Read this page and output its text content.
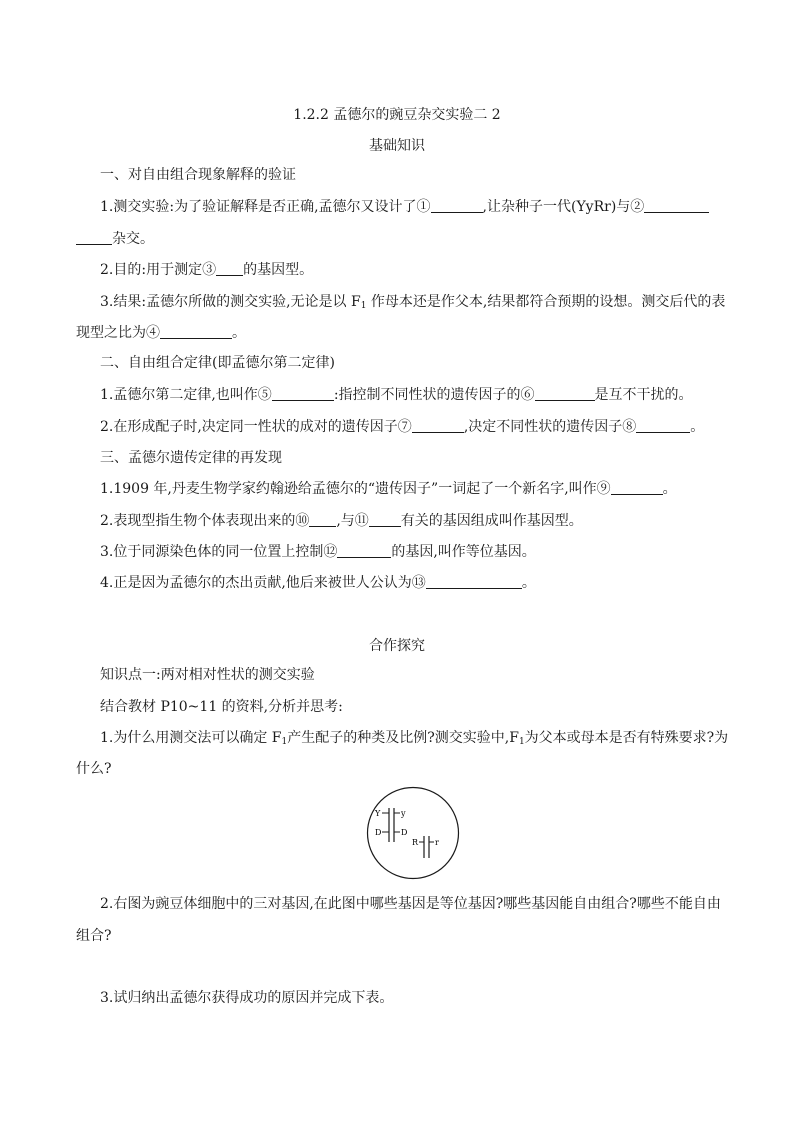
1.2.2 孟德尔的豌豆杂交实验二 2
基础知识
一、对自由组合现象解释的验证
1.测交实验:为了验证解释是否正确,孟德尔又设计了①	,让杂种子一代(YyRr)与②
杂交。
2.目的:用于测定③ 的基因型。
3.结果:孟德尔所做的测交实验,无论是以 $F_1$ 作母本还是作父本,结果都符合预期的设想。测交后代的表
现型之比为④	。
二、自由组合定律(即孟德尔第二定律)
1.孟德尔第二定律,也叫作⑤	:指控制不同性状的遗传因子的⑥	是互不干扰的。
2.在形成配子时,决定同一性状的成对的遗传因子⑦	,决定不同性状的遗传因子⑧	。
三、孟德尔遗传定律的再发现
1.1909 年,丹麦生物学家约翰逊给孟德尔的“遗传因子”一词起了一个新名字,叫作⑨	。
2.表现型指生物个体表现出来的⑩ ,与⑪ 有关的基因组成叫作基因型。
3.位于同源染色体的同一位置上控制⑫	的基因,叫作等位基因。
4.正是因为孟德尔的杰出贡献,他后来被世人公认为⑬	。
合作探究
知识点一:两对相对性状的测交实验
结合教材 P10~11 的资料,分析并思考:
1.为什么用测交法可以确定 $F_1$产生配子的种类及比例?测交实验中$,F_1$为父本或母本是否有特殊要求?为
什么?
Y	y
D D
R r
2.右图为豌豆体细胞中的三对基因,在此图中哪些基因是等位基因?哪些基因能自由组合?哪些不能自由
组合?
3.试归纳出孟德尔获得成功的原因并完成下表。
